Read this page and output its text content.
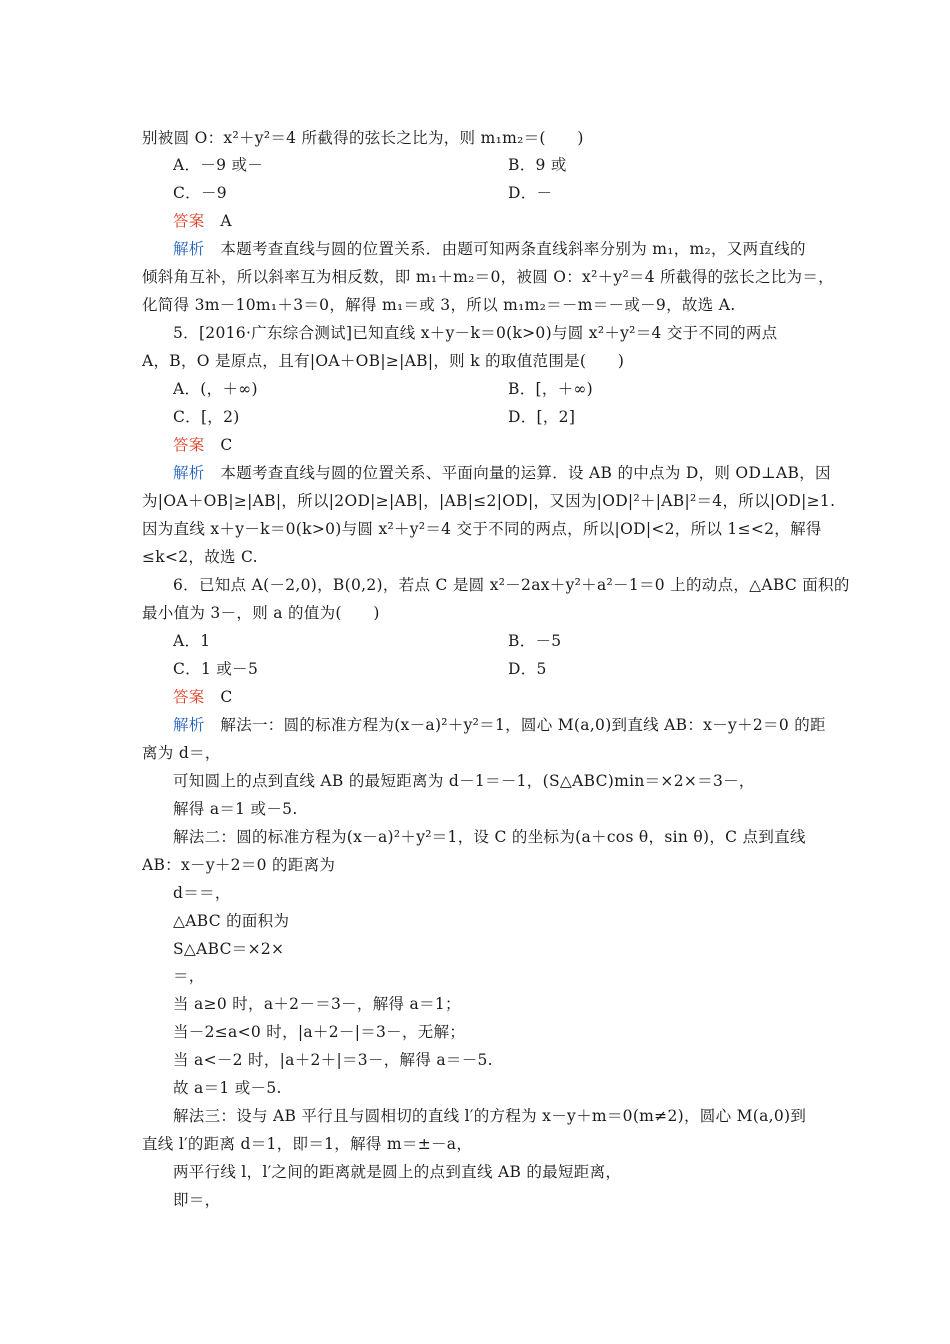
别被圆 O：x²＋y²＝4 所截得的弦长之比为，则 m₁m₂＝(　　)
A．－9 或－	B．9 或
C．－9	D．－
答案　A
解析　本题考查直线与圆的位置关系．由题可知两条直线斜率分别为 m₁，m₂，又两直线的
倾斜角互补，所以斜率互为相反数，即 m₁＋m₂＝0，被圆 O：x²＋y²＝4 所截得的弦长之比为＝，
化简得 3m－10m₁＋3＝0，解得 m₁＝或 3，所以 m₁m₂＝－m＝－或－9，故选 A.
5．[2016·广东综合测试]已知直线 x＋y－k＝0(k>0)与圆 x²＋y²＝4 交于不同的两点
A，B，O 是原点，且有|OA＋OB|≥|AB|，则 k 的取值范围是(　　)
A．(，＋∞)	B．[，＋∞)
C．[，2)	D．[，2]
答案　C
解析　本题考查直线与圆的位置关系、平面向量的运算．设 AB 的中点为 D，则 OD⊥AB，因
为|OA＋OB|≥|AB|，所以|2OD|≥|AB|，|AB|≤2|OD|，又因为|OD|²＋|AB|²＝4，所以|OD|≥1.
因为直线 x＋y－k＝0(k>0)与圆 x²＋y²＝4 交于不同的两点，所以|OD|<2，所以 1≤<2，解得
≤k<2，故选 C.
6．已知点 A(－2,0)，B(0,2)，若点 C 是圆 x²－2ax＋y²＋a²－1＝0 上的动点，△ABC 面积的
最小值为 3－，则 a 的值为(　　)
A．1	B．－5
C．1 或－5	D．5
答案　C
解析　解法一：圆的标准方程为(x－a)²＋y²＝1，圆心 M(a,0)到直线 AB：x－y＋2＝0 的距
离为 d＝，
可知圆上的点到直线 AB 的最短距离为 d－1＝－1，(S△ABC)min＝×2×＝3－，
解得 a＝1 或－5.
解法二：圆的标准方程为(x－a)²＋y²＝1，设 C 的坐标为(a＋cos θ，sin θ)，C 点到直线
AB：x－y＋2＝0 的距离为
d＝＝，
△ABC 的面积为
S△ABC＝×2×
＝，
当 a≥0 时，a＋2－＝3－，解得 a＝1；
当－2≤a<0 时，|a＋2－|＝3－，无解；
当 a<－2 时，|a＋2＋|＝3－，解得 a＝－5.
故 a＝1 或－5.
解法三：设与 AB 平行且与圆相切的直线 l′的方程为 x－y＋m＝0(m≠2)，圆心 M(a,0)到
直线 l′的距离 d＝1，即＝1，解得 m＝±－a，
两平行线 l，l′之间的距离就是圆上的点到直线 AB 的最短距离，
即＝，
